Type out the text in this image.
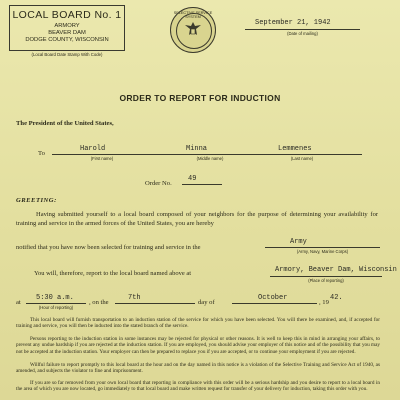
LOCAL BOARD No. 1
ARMORY
BEAVER DAM
DODGE COUNTY, WISCONSIN
(Local Board Date Stamp With Code)
SELECTIVE SERVICE SYSTEM
September 21, 1942
(Date of mailing)
ORDER TO REPORT FOR INDUCTION
The President of the United States,
To
Harold	Minna	Lemmenes
(First name)	(Middle name)	(Last name)
Order No.
49
GREETING:
Having submitted yourself to a local board composed of your neighbors for the purpose of determining your availability for training and service in the armed forces of the United States, you are hereby
notified that you have now been selected for training and service in the
Army
(Army, Navy, Marine Corps)
You will, therefore, report to the local board named above at	Armory, Beaver Dam, Wisconsin
(Place of reporting)
at
5:30 a.m.
(Hour of reporting)
, on the
7th
day of
October
, 19
42.
This local board will furnish transportation to an induction station of the service for which you have been selected. You will there be examined, and, if accepted for training and service, you will then be inducted into the stated branch of the service.
Persons reporting to the induction station in some instances may be rejected for physical or other reasons. It is well to keep this in mind in arranging your affairs, to prevent any undue hardship if you are rejected at the induction station. If you are employed, you should advise your employer of this notice and of the possibility that you may not be accepted at the induction station. Your employer can then be prepared to replace you if you are accepted, or to continue your employment if you are rejected.
Willful failure to report promptly to this local board at the hour and on the day named in this notice is a violation of the Selective Training and Service Act of 1940, as amended, and subjects the violator to fine and imprisonment.
If you are so far removed from your own local board that reporting in compliance with this order will be a serious hardship and you desire to report to a local board in the area of which you are now located, go immediately to that local board and make written request for transfer of your delivery for induction, taking this order with you.
